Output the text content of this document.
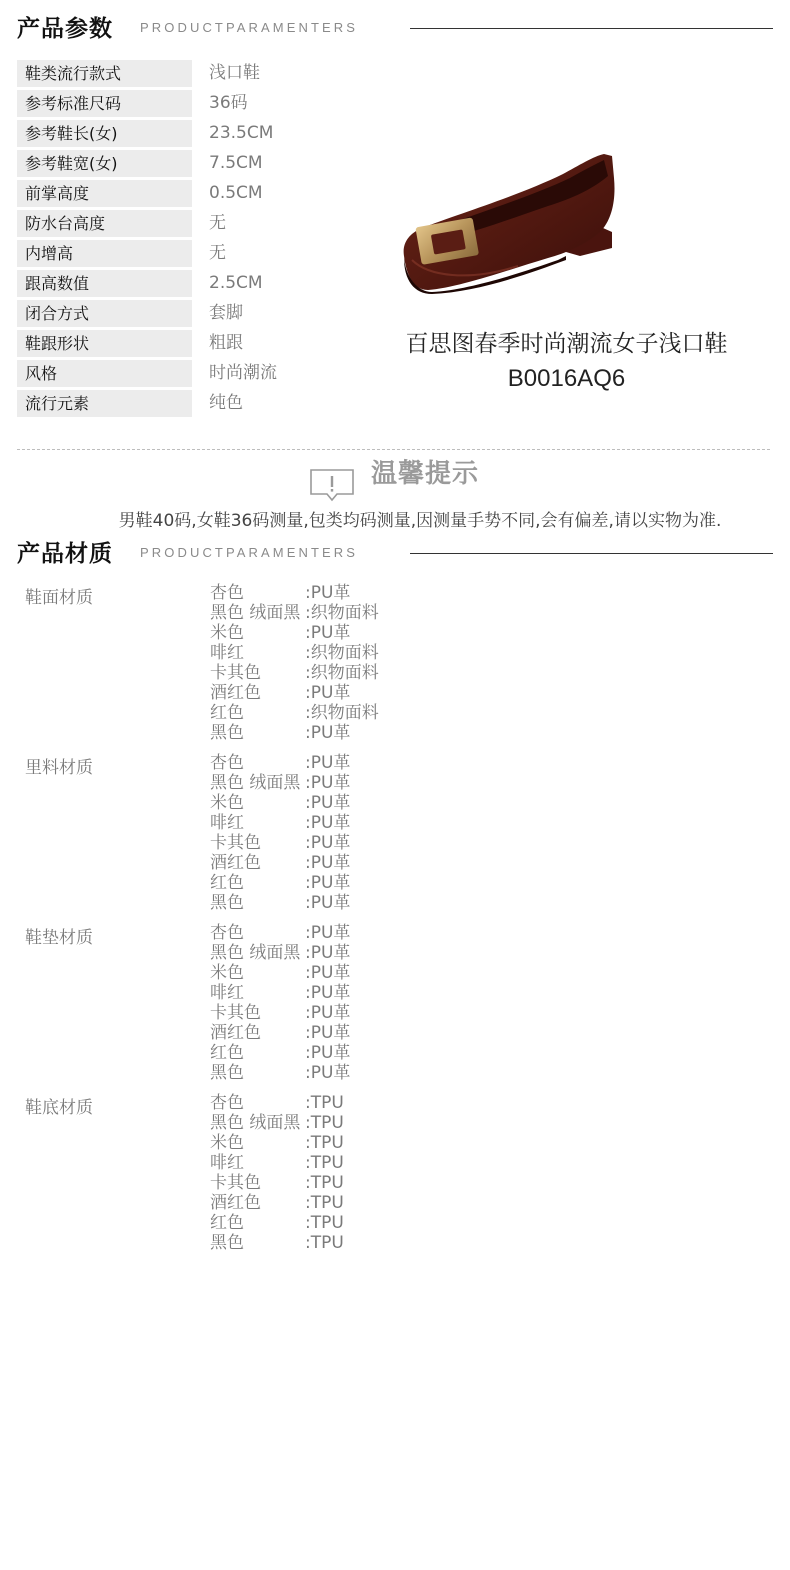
产品参数 PRODUCTPARAMENTERS
鞋类流行款式	浅口鞋
参考标准尺码	36码
参考鞋长(女)	23.5CM
参考鞋宽(女)	7.5CM
前掌高度	0.5CM
防水台高度	无
内增高	无
跟高数值	2.5CM
闭合方式	套脚
鞋跟形状	粗跟
风格	时尚潮流
流行元素	纯色
百思图春季时尚潮流女子浅口鞋
B0016AQ6
温馨提示
男鞋40码,女鞋36码测量,包类均码测量,因测量手势不同,会有偏差,请以实物为准.
产品材质 PRODUCTPARAMENTERS
鞋面材质	杏色	:PU革
黑色 绒面黑 :织物面料
米色	:PU革
啡红	:织物面料
卡其色	:织物面料
酒红色	:PU革
红色	:织物面料
黑色	:PU革
里料材质	杏色	:PU革
黑色 绒面黑 :PU革
米色	:PU革
啡红	:PU革
卡其色	:PU革
酒红色	:PU革
红色	:PU革
黑色	:PU革
鞋垫材质	杏色	:PU革
黑色 绒面黑 :PU革
米色	:PU革
啡红	:PU革
卡其色	:PU革
酒红色	:PU革
红色	:PU革
黑色	:PU革
鞋底材质	杏色	:TPU
黑色 绒面黑 :TPU
米色	:TPU
啡红	:TPU
卡其色	:TPU
酒红色	:TPU
红色	:TPU
黑色	:TPU
